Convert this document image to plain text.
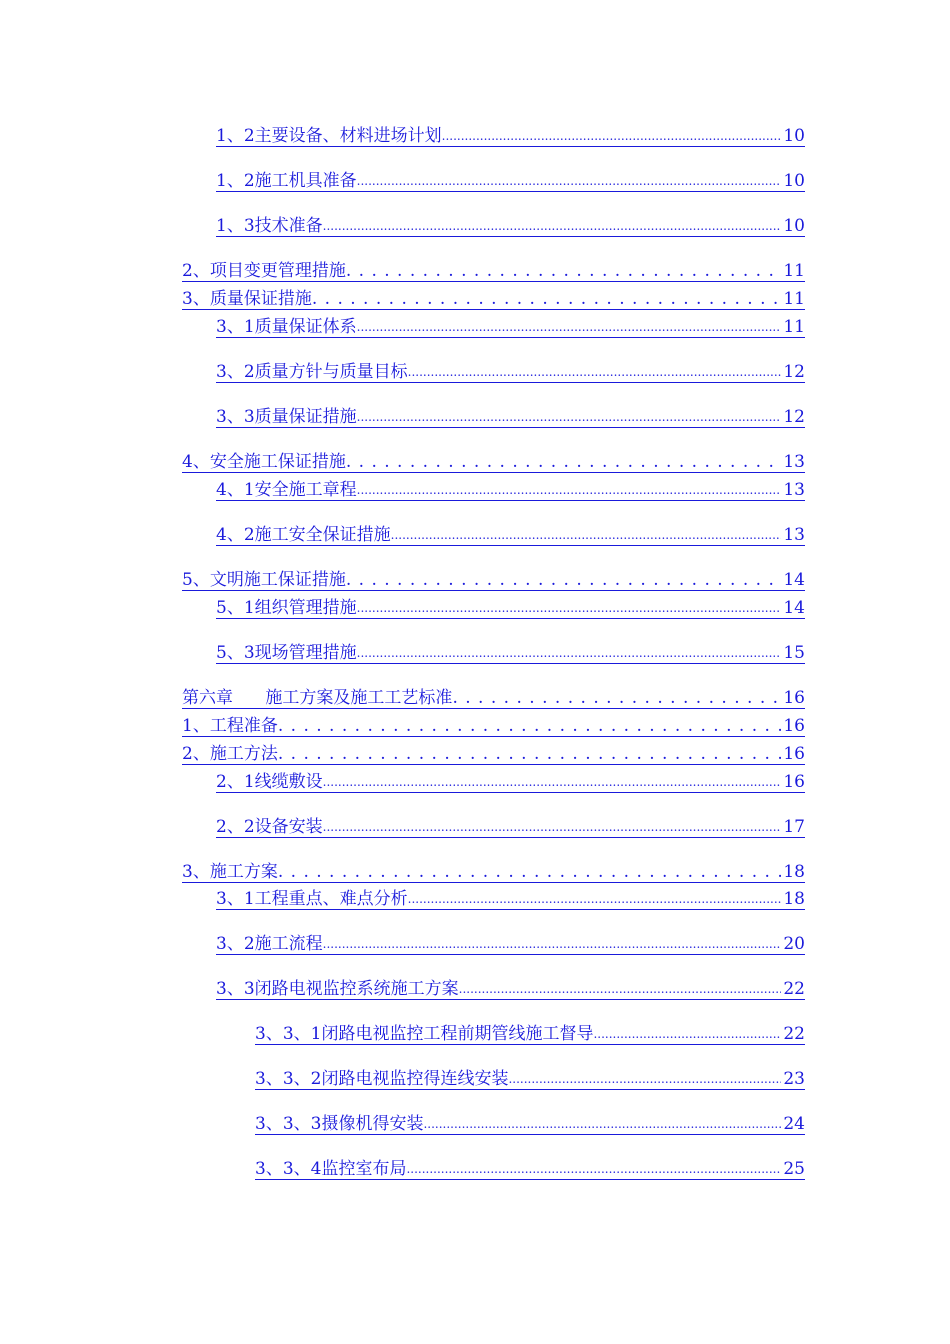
1、2主要设备、材料进场计划 .....	10
1、2施工机具准备 .....	10
1、3技术准备 .....	10
2、项目变更管理措施 . . .	11
3、质量保证措施 . . .	11
3、1质量保证体系 .....	11
3、2质量方针与质量目标 .....	12
3、3质量保证措施 .....	12
4、安全施工保证措施 . . .	13
4、1安全施工章程 .....	13
4、2施工安全保证措施 .....	13
5、文明施工保证措施 . . .	14
5、1组织管理措施 .....	14
5、3现场管理措施 .....	15
第六章      施工方案及施工工艺标准 . . .	16
1、工程准备 . . .	16
2、施工方法 . . .	16
2、1线缆敷设 .....	16
2、2设备安装 .....	17
3、施工方案 . . .	18
3、1工程重点、难点分析 .....	18
3、2施工流程 .....	20
3、3闭路电视监控系统施工方案 .....	22
3、3、1闭路电视监控工程前期管线施工督导 .....	22
3、3、2闭路电视监控得连线安装 .....	23
3、3、3摄像机得安装 .....	24
3、3、4监控室布局 .....	25
